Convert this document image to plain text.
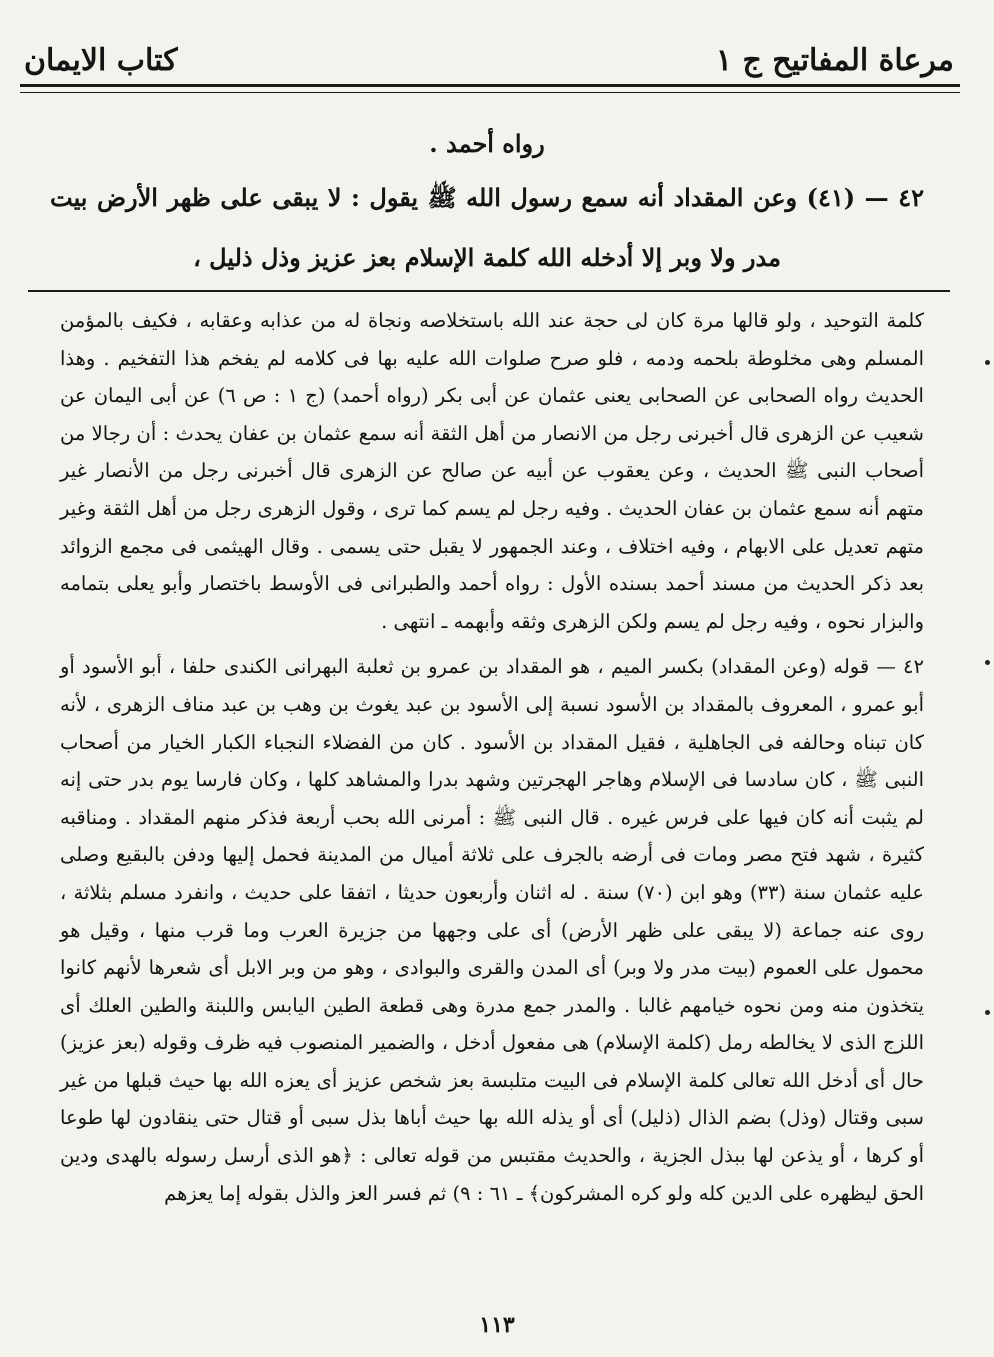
كتاب الايمان	مرعاة المفاتيح ج ١
رواه أحمد .

٤٢ — (٤١) وعن المقداد أنه سمع رسول الله ﷺ يقول : لا يبقى على ظهر الأرض بيت مدر ولا وبر إلا أدخله الله كلمة الإسلام بعز عزيز وذل ذليل ،

كلمة التوحيد ، ولو قالها مرة كان لى حجة عند الله باستخلاصه ونجاة له من عذابه وعقابه ، فكيف بالمؤمن المسلم وهى مخلوطة بلحمه ودمه ، فلو صرح صلوات الله عليه بها فى كلامه لم يفخم هذا التفخيم . وهذا الحديث رواه الصحابى عن الصحابى يعنى عثمان عن أبى بكر (رواه أحمد) (ج ١ : ص ٦) عن أبى اليمان عن شعيب عن الزهرى قال أخبرنى رجل من الانصار من أهل الثقة أنه سمع عثمان بن عفان يحدث : أن رجالا من أصحاب النبى ﷺ الحديث ، وعن يعقوب عن أبيه عن صالح عن الزهرى قال أخبرنى رجل من الأنصار غير متهم أنه سمع عثمان بن عفان الحديث . وفيه رجل لم يسم كما ترى ، وقول الزهرى رجل من أهل الثقة وغير متهم تعديل على الابهام ، وفيه اختلاف ، وعند الجمهور لا يقبل حتى يسمى . وقال الهيثمى فى مجمع الزوائد بعد ذكر الحديث من مسند أحمد بسنده الأول : رواه أحمد والطبرانى فى الأوسط باختصار وأبو يعلى بتمامه والبزار نحوه ، وفيه رجل لم يسم ولكن الزهرى وثقه وأبهمه ـ انتهى .

٤٢ — قوله (وعن المقداد) بكسر الميم ، هو المقداد بن عمرو بن ثعلبة البهرانى الكندى حلفا ، أبو الأسود أو أبو عمرو ، المعروف بالمقداد بن الأسود نسبة إلى الأسود بن عبد يغوث بن وهب بن عبد مناف الزهرى ، لأنه كان تبناه وحالفه فى الجاهلية ، فقيل المقداد بن الأسود . كان من الفضلاء النجباء الكبار الخيار من أصحاب النبى ﷺ ، كان سادسا فى الإسلام وهاجر الهجرتين وشهد بدرا والمشاهد كلها ، وكان فارسا يوم بدر حتى إنه لم يثبت أنه كان فيها على فرس غيره . قال النبى ﷺ : أمرنى الله بحب أربعة فذكر منهم المقداد . ومناقبه كثيرة ، شهد فتح مصر ومات فى أرضه بالجرف على ثلاثة أميال من المدينة فحمل إليها ودفن بالبقيع وصلى عليه عثمان سنة (٣٣) وهو ابن (٧٠) سنة . له اثنان وأربعون حديثا ، اتفقا على حديث ، وانفرد مسلم بثلاثة ، روى عنه جماعة (لا يبقى على ظهر الأرض) أى على وجهها من جزيرة العرب وما قرب منها ، وقيل هو محمول على العموم (بيت مدر ولا وبر) أى المدن والقرى والبوادى ، وهو من وبر الابل أى شعرها لأنهم كانوا يتخذون منه ومن نحوه خيامهم غالبا . والمدر جمع مدرة وهى قطعة الطين اليابس واللبنة والطين العلك أى اللزج الذى لا يخالطه رمل (كلمة الإسلام) هى مفعول أدخل ، والضمير المنصوب فيه ظرف وقوله (بعز عزيز) حال أى أدخل الله تعالى كلمة الإسلام فى البيت متلبسة بعز شخص عزيز أى يعزه الله بها حيث قبلها من غير سبى وقتال (وذل) بضم الذال (ذليل) أى أو يذله الله بها حيث أباها بذل سبى أو قتال حتى ينقادون لها طوعا أو كرها ، أو يذعن لها ببذل الجزية ، والحديث مقتبس من قوله تعالى : ﴿هو الذى أرسل رسوله بالهدى ودين الحق ليظهره على الدين كله ولو كره المشركون﴾ ـ ٦١ : ٩) ثم فسر العز والذل بقوله إما يعزهم

١١٣
